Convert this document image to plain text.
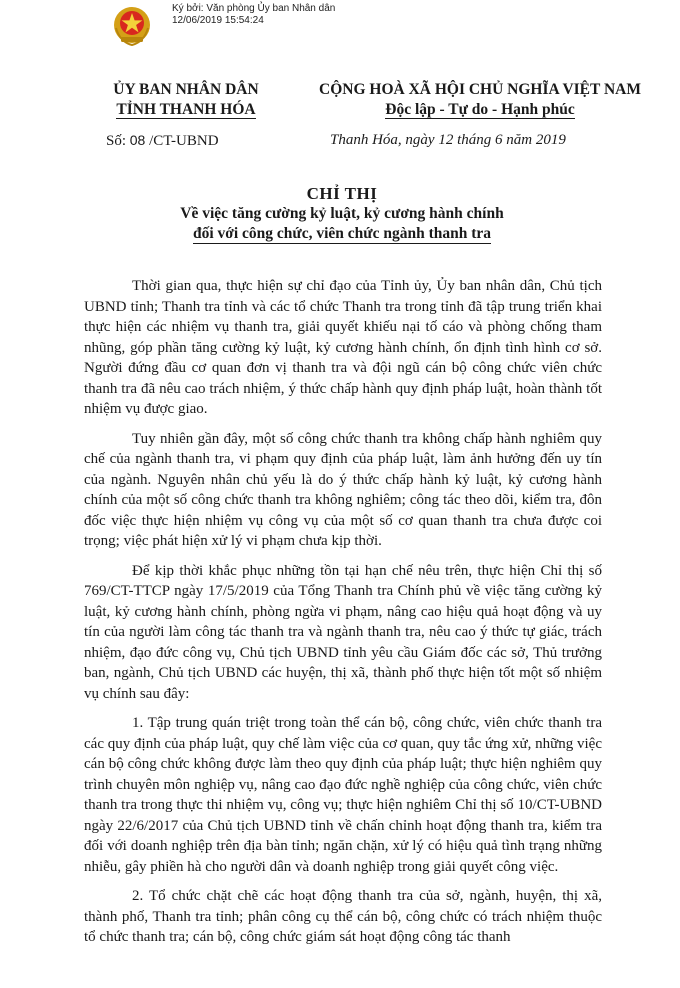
Ký bởi: Văn phòng Ủy ban Nhân dân
12/06/2019 15:54:24
ỦY BAN NHÂN DÂN
TỈNH THANH HÓA
CỘNG HOÀ XÃ HỘI CHỦ NGHĨA VIỆT NAM
Độc lập - Tự do - Hạnh phúc
Số: 08 /CT-UBND	Thanh Hóa, ngày 12 tháng 6 năm 2019
CHỈ THỊ
Về việc tăng cường kỷ luật, kỷ cương hành chính
đối với công chức, viên chức ngành thanh tra

Thời gian qua, thực hiện sự chỉ đạo của Tỉnh ủy, Ủy ban nhân dân, Chủ tịch UBND tỉnh; Thanh tra tỉnh và các tổ chức Thanh tra trong tỉnh đã tập trung triển khai thực hiện các nhiệm vụ thanh tra, giải quyết khiếu nại tố cáo và phòng chống tham nhũng, góp phần tăng cường kỷ luật, kỷ cương hành chính, ổn định tình hình cơ sở. Người đứng đầu cơ quan đơn vị thanh tra và đội ngũ cán bộ công chức viên chức thanh tra đã nêu cao trách nhiệm, ý thức chấp hành quy định pháp luật, hoàn thành tốt nhiệm vụ được giao.

Tuy nhiên gần đây, một số công chức thanh tra không chấp hành nghiêm quy chế của ngành thanh tra, vi phạm quy định của pháp luật, làm ảnh hưởng đến uy tín của ngành. Nguyên nhân chủ yếu là do ý thức chấp hành kỷ luật, kỷ cương hành chính của một số công chức thanh tra không nghiêm; công tác theo dõi, kiểm tra, đôn đốc việc thực hiện nhiệm vụ công vụ của một số cơ quan thanh tra chưa được coi trọng; việc phát hiện xử lý vi phạm chưa kịp thời.

Để kịp thời khắc phục những tồn tại hạn chế nêu trên, thực hiện Chỉ thị số 769/CT-TTCP ngày 17/5/2019 của Tổng Thanh tra Chính phủ về việc tăng cường kỷ luật, kỷ cương hành chính, phòng ngừa vi phạm, nâng cao hiệu quả hoạt động và uy tín của người làm công tác thanh tra và ngành thanh tra, nêu cao ý thức tự giác, trách nhiệm, đạo đức công vụ, Chủ tịch UBND tỉnh yêu cầu Giám đốc các sở, Thủ trưởng ban, ngành, Chủ tịch UBND các huyện, thị xã, thành phố thực hiện tốt một số nhiệm vụ chính sau đây:

1. Tập trung quán triệt trong toàn thể cán bộ, công chức, viên chức thanh tra các quy định của pháp luật, quy chế làm việc của cơ quan, quy tắc ứng xử, những việc cán bộ công chức không được làm theo quy định của pháp luật; thực hiện nghiêm quy trình chuyên môn nghiệp vụ, nâng cao đạo đức nghề nghiệp của công chức, viên chức thanh tra trong thực thi nhiệm vụ, công vụ; thực hiện nghiêm Chỉ thị số 10/CT-UBND ngày 22/6/2017 của Chủ tịch UBND tỉnh về chấn chỉnh hoạt động thanh tra, kiểm tra đối với doanh nghiệp trên địa bàn tỉnh; ngăn chặn, xử lý có hiệu quả tình trạng những nhiễu, gây phiền hà cho người dân và doanh nghiệp trong giải quyết công việc.

2. Tổ chức chặt chẽ các hoạt động thanh tra của sở, ngành, huyện, thị xã, thành phố, Thanh tra tỉnh; phân công cụ thể cán bộ, công chức có trách nhiệm thuộc tổ chức thanh tra; cán bộ, công chức giám sát hoạt động công tác thanh
